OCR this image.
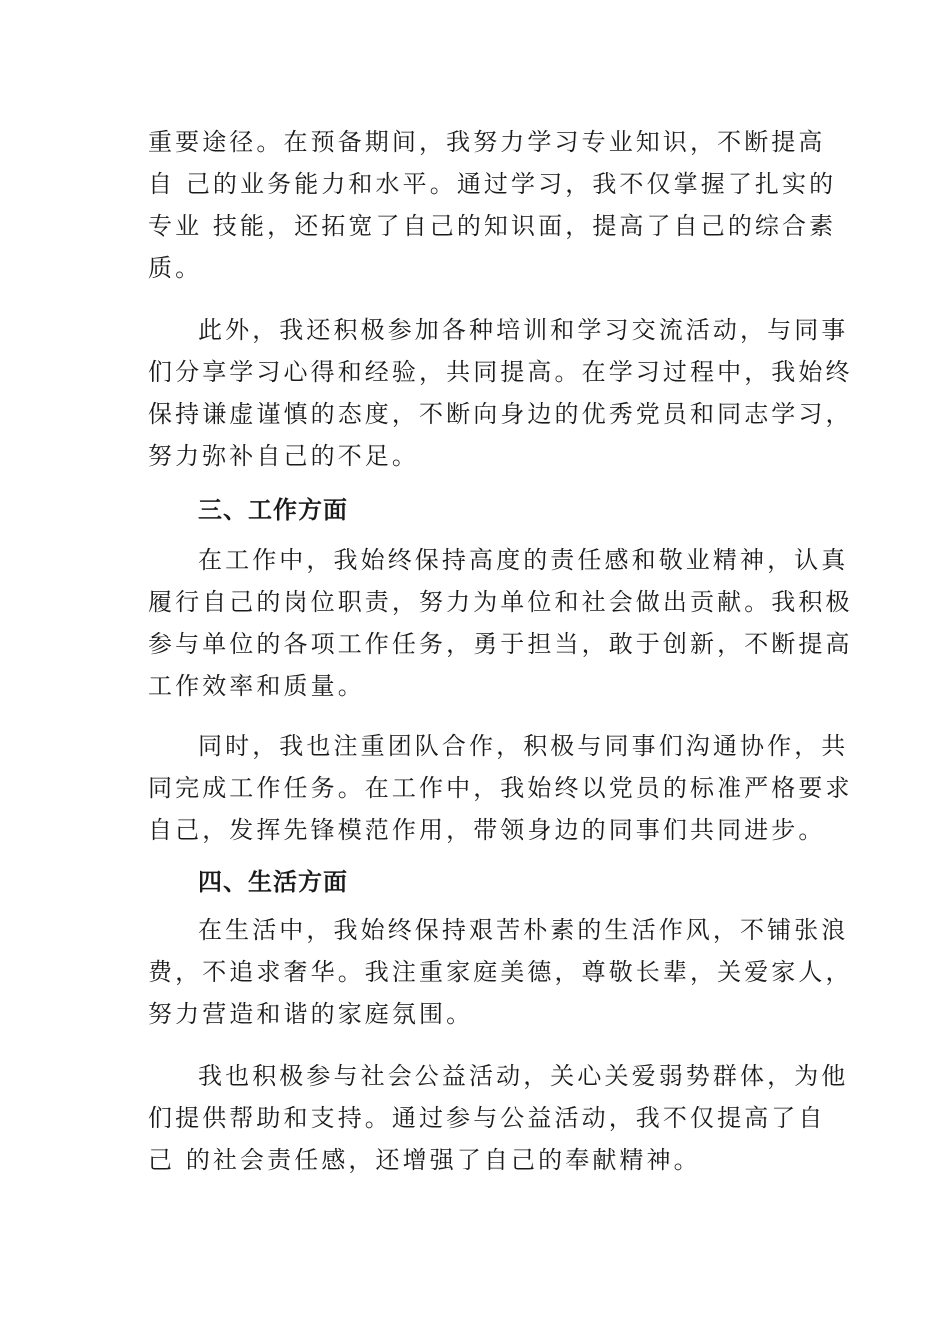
重要途径。在预备期间，我努力学习专业知识，不断提高
自 己的业务能力和水平。通过学习，我不仅掌握了扎实的
专业 技能，还拓宽了自己的知识面，提高了自己的综合素
质。
此外，我还积极参加各种培训和学习交流活动，与同事
们分享学习心得和经验，共同提高。在学习过程中，我始终
保持谦虚谨慎的态度，不断向身边的优秀党员和同志学习，
努力弥补自己的不足。
三、工作方面
在工作中，我始终保持高度的责任感和敬业精神，认真
履行自己的岗位职责，努力为单位和社会做出贡献。我积极
参与单位的各项工作任务，勇于担当，敢于创新，不断提高
工作效率和质量。
同时，我也注重团队合作，积极与同事们沟通协作，共
同完成工作任务。在工作中，我始终以党员的标准严格要求
自己，发挥先锋模范作用，带领身边的同事们共同进步。
四、生活方面
在生活中，我始终保持艰苦朴素的生活作风，不铺张浪
费，不追求奢华。我注重家庭美德，尊敬长辈，关爱家人，
努力营造和谐的家庭氛围。
我也积极参与社会公益活动，关心关爱弱势群体，为他
们提供帮助和支持。通过参与公益活动，我不仅提高了自
己 的社会责任感，还增强了自己的奉献精神。
